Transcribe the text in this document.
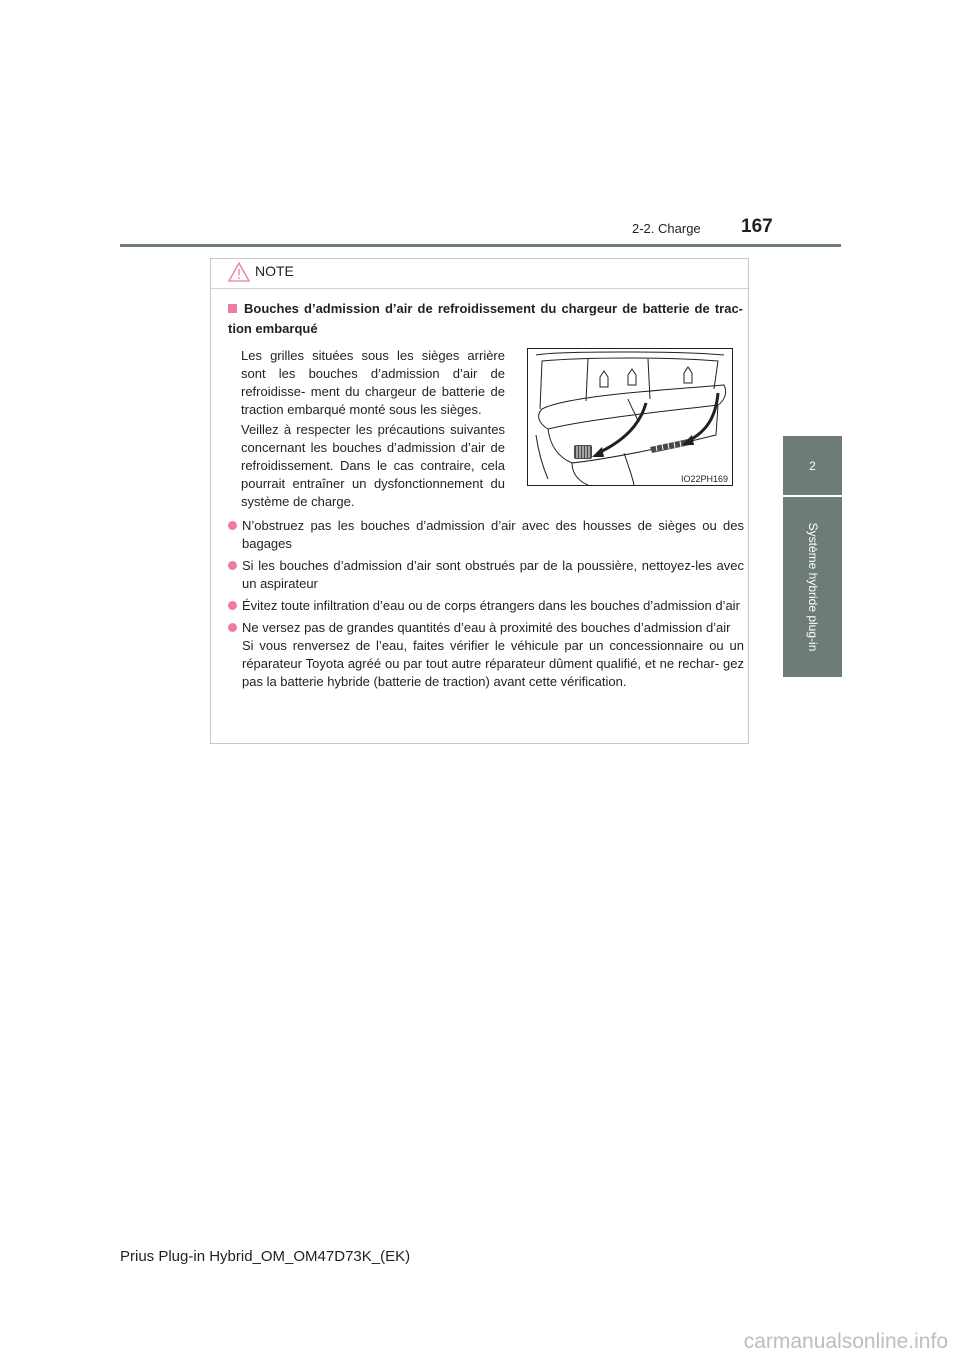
167
2-2. Charge
2
Système hybride plug-in
NOTE
Bouches d’admission d’air de refroidissement du chargeur de batterie de trac- tion embarqué

Les grilles situées sous les sièges arrière sont les bouches d’admission d’air de refroidisse- ment du chargeur de batterie de traction embarqué monté sous les sièges.

Veillez à respecter les précautions suivantes concernant les bouches d’admission d’air de refroidissement. Dans le cas contraire, cela pourrait entraîner un dysfonctionnement du système de charge.

IO22PH169
N’obstruez pas les bouches d’admission d’air avec des housses de sièges ou des bagages
Si les bouches d’admission d’air sont obstrués par de la poussière, nettoyez-les avec un aspirateur
Évitez toute infiltration d’eau ou de corps étrangers dans les bouches d’admission d’air
Ne versez pas de grandes quantités d’eau à proximité des bouches d’admission d’air
Si vous renversez de l’eau, faites vérifier le véhicule par un concessionnaire ou un réparateur Toyota agréé ou par tout autre réparateur dûment qualifié, et ne rechar- gez pas la batterie hybride (batterie de traction) avant cette vérification.
Prius Plug-in Hybrid_OM_OM47D73K_(EK)
carmanualsonline.info
